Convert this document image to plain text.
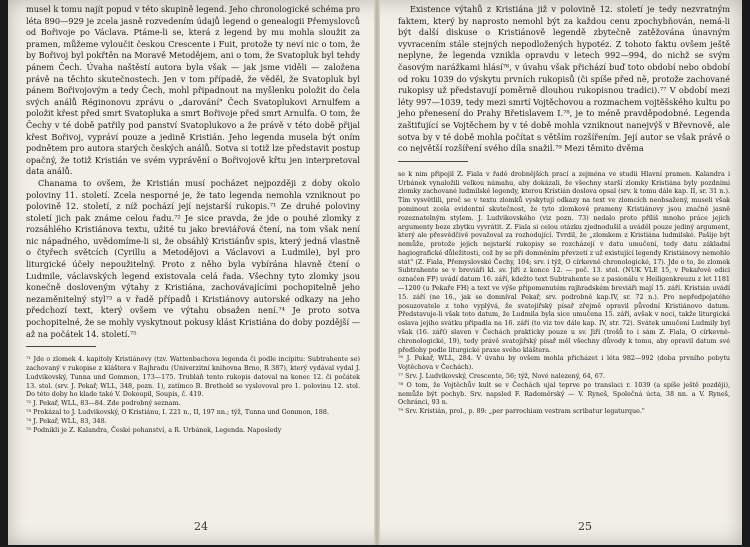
musel k tomu najít popud v této skupině legend. Jeho chronologické schéma pro léta 890—929 je zcela jasně rozvedením údajů legend o genealogii Přemyslovců od Bořivoje po Václava. Ptáme-li se, která z legend by mu mohla sloužit za pramen, můžeme vyloučit českou Crescente i Fuit, protože ty neví nic o tom, že by Bořivoj byl pokřtěn na Moravě Metodějem, ani o tom, že Svatopluk byl tehdy pánem Čech. Úvaha naštěstí autora byla však — jak jsme viděli — založena právě na těchto skutečnostech. Jen v tom případě, že věděl, že Svatopluk byl pánem Bořivojovým a tedy Čech, mohl připadnout na myšlenku položit do čela svých análů Réginonovu zprávu o „darování" Čech Svatoplukovi Arnulfem a položit křest před smrt Svatopluka a smrt Bořivoje před smrt Arnulfa. O tom, že Čechy v té době patřily pod panství Svatoplukovo a že právě v této době přijal křest Bořivoj, vypráví pouze a jedině Kristián. Jeho legenda musela být oním podnětem pro autora starých českých análů. Sotva si totiž lze představit postup opačný, že totiž Kristián ve svém vyprávění o Bořivojově křtu jen interpretoval data análů.

Chanama to ovšem, že Kristián musí pocházet nejpozději z doby okolo poloviny 11. století. Zcela nesporné je, že tato legenda nemohla vzniknout po polovině 12. století, z níž pochází její nejstarší rukopis.⁷¹ Ze druhé poloviny století jich pak známe celou řadu.⁷² Je sice pravda, že jde o pouhé zlomky z rozsáhlého Kristiánova textu, užité tu jako breviářová čtení, na tom však není nic nápadného, uvědomíme-li si, že obsáhlý Kristiánův spis, který jedná vlastně o čtyřech světcích (Cyrillu a Metodějovi a Václavovi a Ludmile), byl pro liturgické účely nepoužitelný. Proto z něho byla vybírána hlavně čtení o Ludmile, václavských legend existovala celá řada. Všechny tyto zlomky jsou konečně dosloveným výtahy z Kristiána, zachovávajícími pochopitelně jeho nezaměnitelný styl⁷³ a v řadě případů i Kristiánovy autorské odkazy na jeho předchozí text, který ovšem ve výtahu obsažen není.⁷⁴ Je proto sotva pochopitelné, že se mohly vyskytnout pokusy klást Kristiána do doby pozdější — až na počátek 14. století.⁷⁵

⁷¹ Jde o zlomek 4. kapitoly Kristiánovy (tzv. Wattenbachova legenda či podle incipitu: Subtrahente se) zachovaný v rukopise z kláštera v Rajhradu (Univerzitní knihovna Brno, R 387), který vydával vydal J. Ludvikovský, Tunna und Gommon, 173—175. Trubláň tento rukopis datoval na konec 12. či počátek 13. stol. (srv. J. Pekař, WLL, 348, pozn. 1), zatímco B. Brethold se vyslovoval pro 1. polovinu 12. stol. Do této doby ho klade také V. Dokoupil, Soupis, č. 419.

⁷² J. Pekař, WLL, 83—84. Zde podrobný seznam.

⁷³ Prokázal to J. Ludvikovský, O Kristiánu, I. 221 n., II, 197 nn.; týž, Tunna und Gommon, 188.

⁷⁴ J. Pekař, WLL, 83, 348.

⁷⁵ Podnikli je Z. Kalandra, České pohanství, a R. Urbánek, Legenda. Naposledy

24

Existence výtahů z Kristiána již v polovině 12. století je tedy nezvratným faktem, který by naprosto nemohl být za každou cenu zpochybňován, nemá-li být další diskuse o Kristiánově legendě zbytečně zatěžována únavným vyvracením stále stejných nepodložených hypotéz. Z tohoto faktu ovšem ještě neplyne, že legenda vznikla opravdu v letech 992—994, do nichž se svým časovým narážkami hlásí⁷⁶, v úvahu však přichází buď toto období nebo období od roku 1039 do výskytu prvních rukopisů (či spíše před ně, protože zachované rukopisy už představují poměrně dlouhou rukopisnou tradici).⁷⁷ V období mezi léty 997—1039, tedy mezi smrtí Vojtěchovou a rozmachem vojtěšského kultu po jeho přenesení do Prahy Břetislavem I.⁷⁸, je to méně pravděpodobné. Legenda zaštiťující se Vojtěchem by v té době mohla vzniknout nanejvýš v Břevnově, ale sotva by v té době mohla počítat s větším rozšířením. Její autor se však právě o co největší rozšíření svého díla snažil.⁷⁹ Mezi těmito dvěma

se k nim připojil Z. Fiala v řadě drobnějších prací a zejména ve studii Hlavní pramen. Kalandra i Urbánek vynaložili velkou námahu, aby dokázali, že všechny starší zlomky Kristiána byly pozdními zlomky zachované ludmilské legendy, kterou Kristián doslova opsal (srv. k tomu dále kap. II, sr. 31 n.). Tím vysvětlili, proč se v textu zlomků vyskytují odkazy na text ve zlomcích neobsažený, museli však pominout zcela evidentní skutečnost, že tyto zlomkové prameny Kristiánovy jsou značně jasně rozeznatelným stylem. J. Ludvikovského (viz pozn. 73) nedalo proto příliš mnoho práce jejich argumenty beze zbytku vyvrátit. Z. Fiala si celou otázku zjednodušil a uváděl pouze jediný argument, který ale přesvědčivě považoval za rozhodující. Tvrdil, že „zlomkem z Kristiána ludmilské. Pašije být nemůže, protože jejich nejstarší rukopisy se rozcházejí v datu umučení, tedy datu základní hagiografické důležitosti, což by se při domněním převzetí z už existující legendy Kristiánovy nemohlo stát" (Z. Fiala, Přemyslovské Čechy, 104; srv. i týž, O církevně chronologické, 17). Jde o to, že zlomek Subtrahente se v breviáři kl. sv. Jiří z konce 12. — poč. 13. stol. (NUK VLE 15, v Pekařově edici označen FP) uvádí datum 16. září, kdežto text Subtrahente se z pasionálu v Heiligenkreuzu z let 1181—1200 (u Pekaře FH) a text ve výše připomenutém rajhradském breviáři mají 15. září. Kristián uvádí 15. září (ne 16., jak se domníval Pekař, srv. podrobně kap.IV, sr. 72 n.). Pro nepředpojatého posuzovatele z toho vyplývá, že svatojiřský písař zřejmě opravil původní Kristiánovo datum. Představuje-li však toto datum, že Ludmila byla sice umučena 15. září, avšak v noci, takže liturgická oslava jejího svátku připadla na 16. září (to viz tov dále kap. IV, str. 72). Svátek umučení Ludmily byl však (16. září) slaven v Čechách prakticky pouze u sv. Jiří (trošů to i sám Z. Fiala, O církevně-chronologické, 19), tedy právě svatojiřský písař měl všechny důvody k tomu, aby opravil datum své předlohy podle liturgické praxe svého kláštera.

⁷⁶ J. Pekař, WLL, 284. V úvahu by ovšem mohla přicházet i léta 982—992 (doba prvního pobytu Vojtěchova v Čechách).

⁷⁷ Srv. J. Ludvikovský, Crescente, 56; týž, Nové nalezený, 64, 67.

⁷⁸ O tom, že Vojtěchův kult se v Čechách ujal teprve po translaci r. 1039 (a spíše ještě později), nemůže být pochyb. Srv. napsled F. Radoměrský — V. Ryneš, Společná úcta, 38 nn. a V. Ryneš, Ochránci, 93 n.

⁷⁹ Srv. Kristián, prol., p. 89: „per parrochiam vestram scribatur legaturque."

25
